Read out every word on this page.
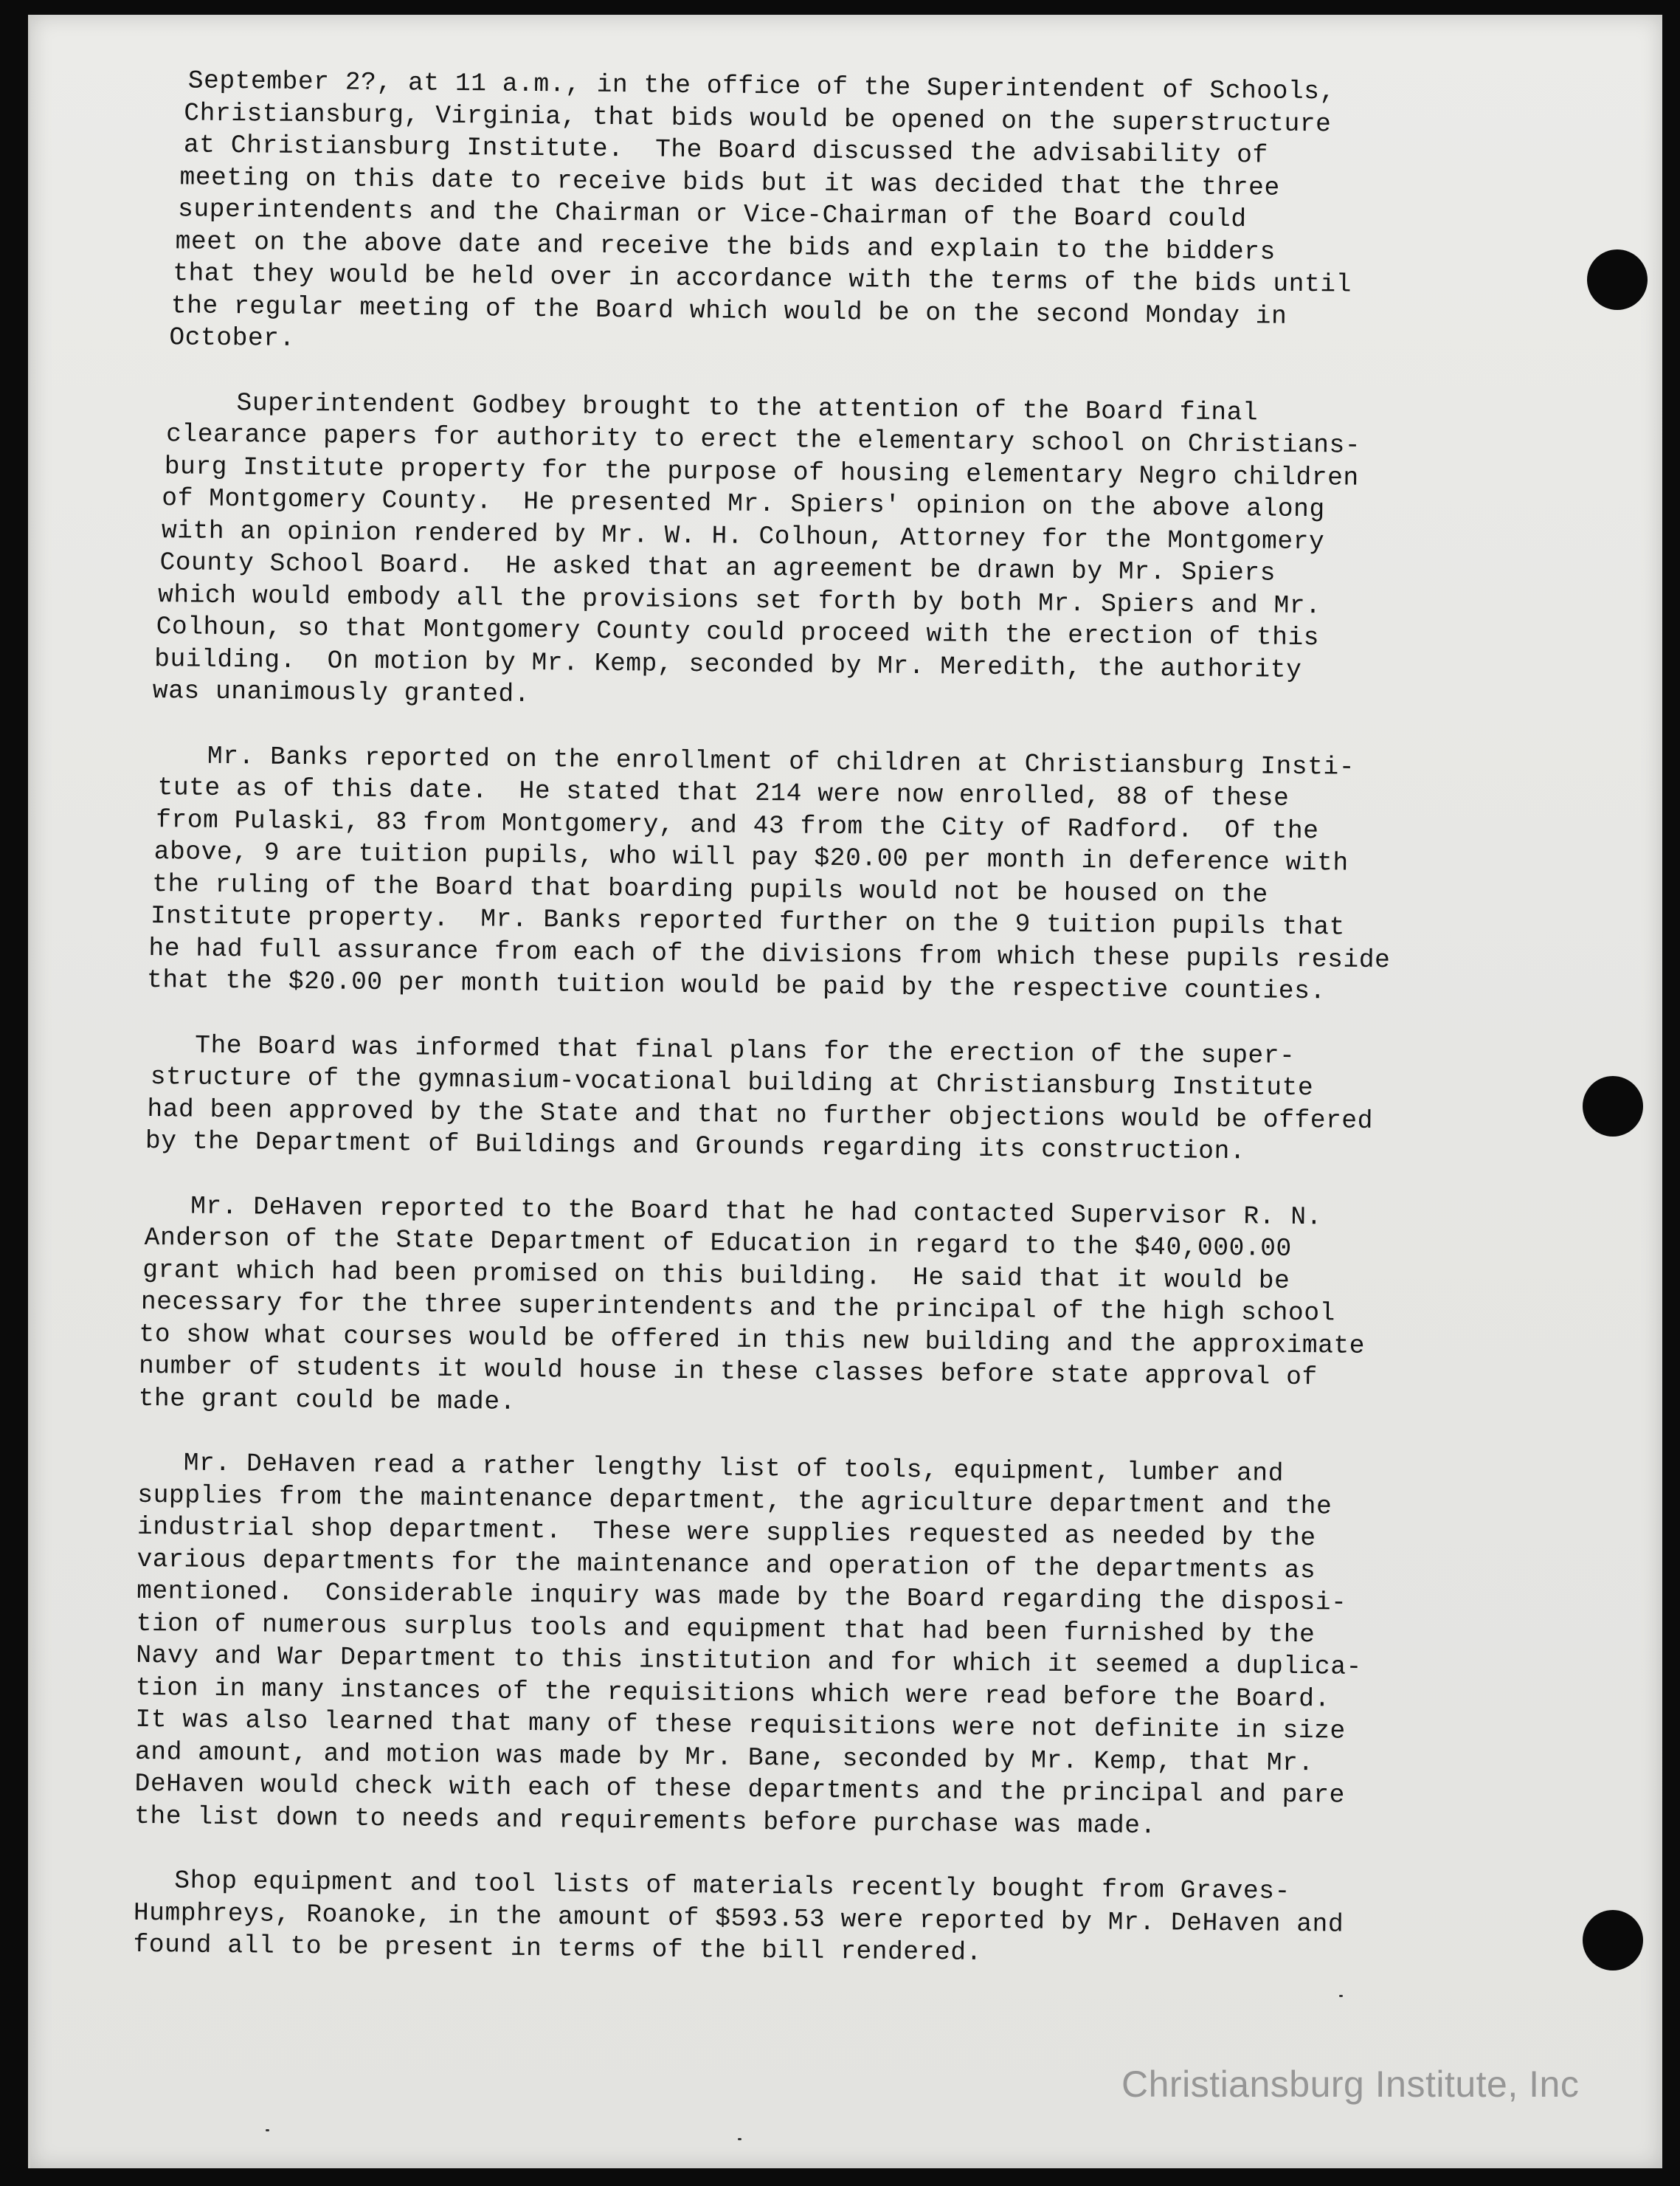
September 2?, at 11 a.m., in the office of the Superintendent of Schools,
Christiansburg, Virginia, that bids would be opened on the superstructure
at Christiansburg Institute.  The Board discussed the advisability of
meeting on this date to receive bids but it was decided that the three
superintendents and the Chairman or Vice-Chairman of the Board could
meet on the above date and receive the bids and explain to the bidders
that they would be held over in accordance with the terms of the bids until
the regular meeting of the Board which would be on the second Monday in
October.
Superintendent Godbey brought to the attention of the Board final
clearance papers for authority to erect the elementary school on Christians-
burg Institute property for the purpose of housing elementary Negro children
of Montgomery County.  He presented Mr. Spiers' opinion on the above along
with an opinion rendered by Mr. W. H. Colhoun, Attorney for the Montgomery
County School Board.  He asked that an agreement be drawn by Mr. Spiers
which would embody all the provisions set forth by both Mr. Spiers and Mr.
Colhoun, so that Montgomery County could proceed with the erection of this
building.  On motion by Mr. Kemp, seconded by Mr. Meredith, the authority
was unanimously granted.
Mr. Banks reported on the enrollment of children at Christiansburg Insti-
tute as of this date.  He stated that 214 were now enrolled, 88 of these
from Pulaski, 83 from Montgomery, and 43 from the City of Radford.  Of the
above, 9 are tuition pupils, who will pay $20.00 per month in deference with
the ruling of the Board that boarding pupils would not be housed on the
Institute property.  Mr. Banks reported further on the 9 tuition pupils that
he had full assurance from each of the divisions from which these pupils reside
that the $20.00 per month tuition would be paid by the respective counties.
The Board was informed that final plans for the erection of the super-
structure of the gymnasium-vocational building at Christiansburg Institute
had been approved by the State and that no further objections would be offered
by the Department of Buildings and Grounds regarding its construction.
Mr. DeHaven reported to the Board that he had contacted Supervisor R. N.
Anderson of the State Department of Education in regard to the $40,000.00
grant which had been promised on this building.  He said that it would be
necessary for the three superintendents and the principal of the high school
to show what courses would be offered in this new building and the approximate
number of students it would house in these classes before state approval of
the grant could be made.
Mr. DeHaven read a rather lengthy list of tools, equipment, lumber and
supplies from the maintenance department, the agriculture department and the
industrial shop department.  These were supplies requested as needed by the
various departments for the maintenance and operation of the departments as
mentioned.  Considerable inquiry was made by the Board regarding the disposi-
tion of numerous surplus tools and equipment that had been furnished by the
Navy and War Department to this institution and for which it seemed a duplica-
tion in many instances of the requisitions which were read before the Board.
It was also learned that many of these requisitions were not definite in size
and amount, and motion was made by Mr. Bane, seconded by Mr. Kemp, that Mr.
DeHaven would check with each of these departments and the principal and pare
the list down to needs and requirements before purchase was made.
Shop equipment and tool lists of materials recently bought from Graves-
Humphreys, Roanoke, in the amount of $593.53 were reported by Mr. DeHaven and
found all to be present in terms of the bill rendered.
Christiansburg Institute, Inc
